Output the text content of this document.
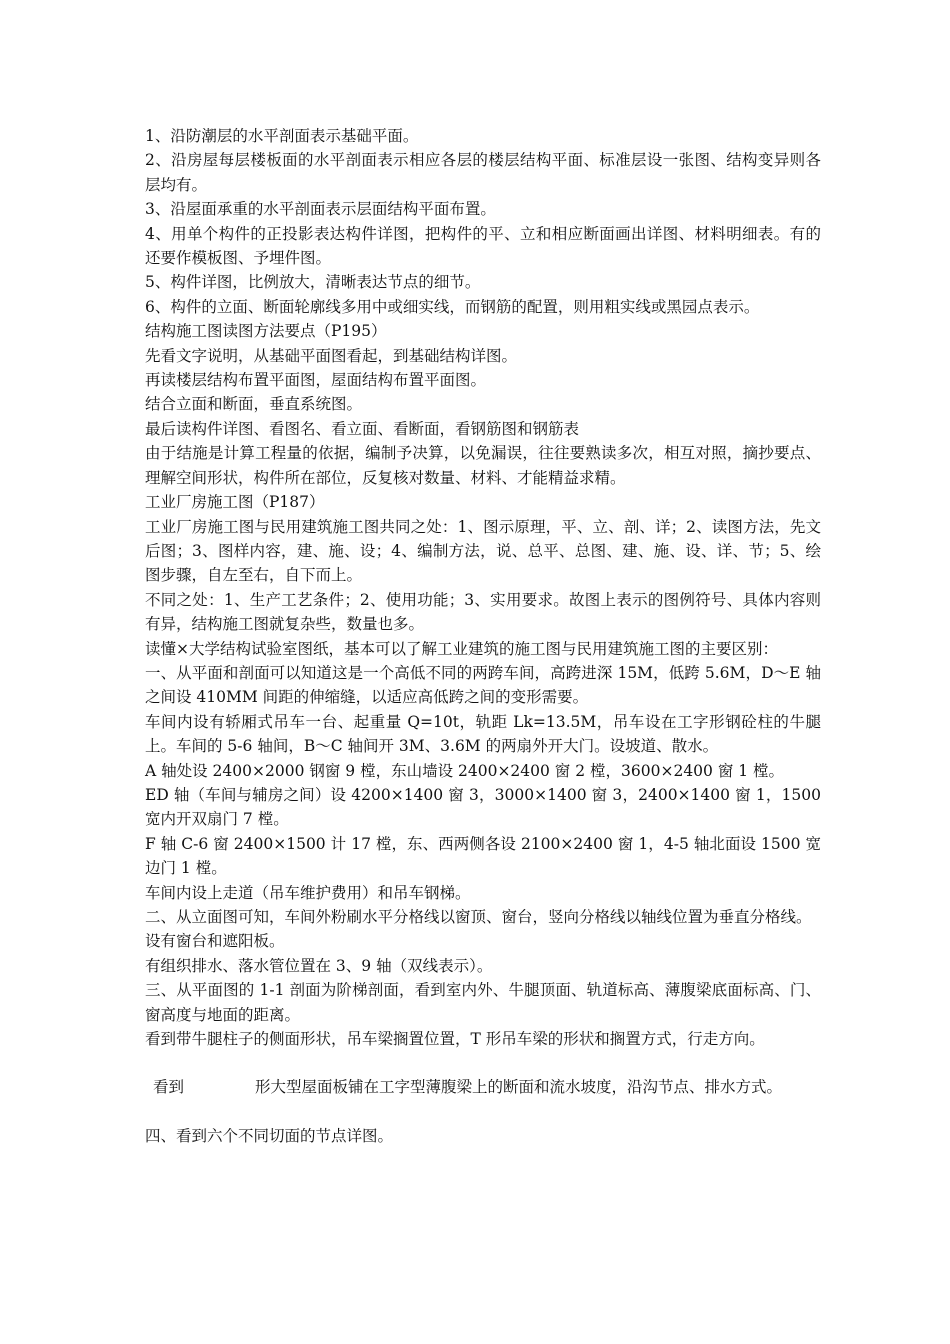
1、沿防潮层的水平剖面表示基础平面。

2、沿房屋每层楼板面的水平剖面表示相应各层的楼层结构平面、标准层设一张图、结构变异则各层均有。

3、沿屋面承重的水平剖面表示层面结构平面布置。

4、用单个构件的正投影表达构件详图，把构件的平、立和相应断面画出详图、材料明细表。有的还要作模板图、予埋件图。

5、构件详图，比例放大，清晰表达节点的细节。

6、构件的立面、断面轮廓线多用中或细实线，而钢筋的配置，则用粗实线或黑园点表示。

结构施工图读图方法要点（P195）

先看文字说明，从基础平面图看起，到基础结构详图。

再读楼层结构布置平面图，屋面结构布置平面图。

结合立面和断面，垂直系统图。

最后读构件详图、看图名、看立面、看断面，看钢筋图和钢筋表

由于结施是计算工程量的依据，编制予决算，以免漏误，往往要熟读多次，相互对照，摘抄要点、理解空间形状，构件所在部位，反复核对数量、材料、才能精益求精。

工业厂房施工图（P187）

工业厂房施工图与民用建筑施工图共同之处：1、图示原理，平、立、剖、详；2、读图方法，先文后图；3、图样内容，建、施、设；4、编制方法，说、总平、总图、建、施、设、详、节；5、绘图步骤，自左至右，自下而上。

不同之处：1、生产工艺条件；2、使用功能；3、实用要求。故图上表示的图例符号、具体内容则有异，结构施工图就复杂些，数量也多。

读懂×大学结构试验室图纸，基本可以了解工业建筑的施工图与民用建筑施工图的主要区别：

一、从平面和剖面可以知道这是一个高低不同的两跨车间，高跨进深 15M，低跨 5.6M，D～E 轴之间设 410MM 间距的伸缩缝，以适应高低跨之间的变形需要。

车间内设有轿厢式吊车一台、起重量 Q=10t，轨距 Lk=13.5M，吊车设在工字形钢砼柱的牛腿上。车间的 5-6 轴间，B～C 轴间开 3M、3.6M 的两扇外开大门。设坡道、散水。

A 轴处设 2400×2000 钢窗 9 樘，东山墙设 2400×2400 窗 2 樘，3600×2400 窗 1 樘。

ED 轴（车间与辅房之间）设 4200×1400 窗 3，3000×1400 窗 3，2400×1400 窗 1，1500 宽内开双扇门 7 樘。

F 轴 C-6 窗 2400×1500 计 17 樘，东、西两侧各设 2100×2400 窗 1，4-5 轴北面设 1500 宽边门 1 樘。

车间内设上走道（吊车维护费用）和吊车钢梯。

二、从立面图可知，车间外粉刷水平分格线以窗顶、窗台，竖向分格线以轴线位置为垂直分格线。

设有窗台和遮阳板。

有组织排水、落水管位置在 3、9 轴（双线表示）。

三、从平面图的 1-1 剖面为阶梯剖面，看到室内外、牛腿顶面、轨道标高、薄腹梁底面标高、门、窗高度与地面的距离。

看到带牛腿柱子的侧面形状，吊车梁搁置位置，T 形吊车梁的形状和搁置方式，行走方向。

看到	形大型屋面板铺在工字型薄腹梁上的断面和流水坡度，沿沟节点、排水方式。

四、看到六个不同切面的节点详图。
